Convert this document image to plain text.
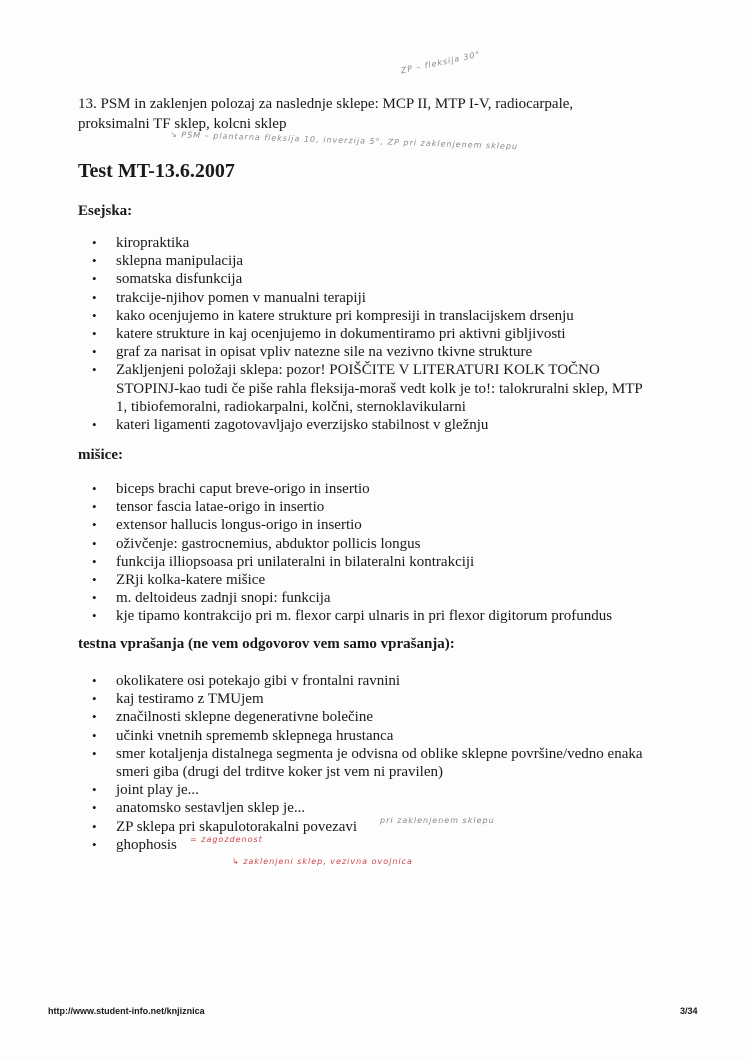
ZP – fleksija 30°
13. PSM in zaklenjen polozaj za naslednje sklepe: MCP II, MTP I-V, radiocarpale, proksimalni TF sklep, kolcni sklep
↘ PSM – plantarna fleksija 10, inverzija 5°, ZP pri zaklenjenem sklepu
Test MT-13.6.2007
Esejska:
• kiropraktika
• sklepna manipulacija
• somatska disfunkcija
• trakcije-njihov pomen v manualni terapiji
• kako ocenjujemo in katere strukture pri kompresiji in translacijskem drsenju
• katere strukture in kaj ocenjujemo in dokumentiramo pri aktivni gibljivosti
• graf za narisat in opisat vpliv natezne sile na vezivno tkivne strukture
• Zakljenjeni položaji sklepa: pozor! POIŠČITE V LITERATURI KOLK TOČNO STOPINJ-kao tudi če piše rahla fleksija-moraš vedt kolk je to!: talokruralni sklep, MTP 1, tibiofemoralni, radiokarpalni, kolčni, sternoklavikularni
• kateri ligamenti zagotovavljajo everzijsko stabilnost v gležnju
mišice:
• biceps brachi caput breve-origo in insertio
• tensor fascia latae-origo in insertio
• extensor hallucis longus-origo in insertio
• oživčenje: gastrocnemius, abduktor pollicis longus
• funkcija illiopsoasa pri unilateralni in bilateralni kontrakciji
• ZRji kolka-katere mišice
• m. deltoideus zadnji snopi: funkcija
• kje tipamo kontrakcijo pri m. flexor carpi ulnaris in pri flexor digitorum profundus
testna vprašanja (ne vem odgovorov vem samo vprašanja):
• okolikatere osi potekajo gibi v frontalni ravnini
• kaj testiramo z TMUjem
• značilnosti sklepne degenerativne bolečine
• učinki vnetnih sprememb sklepnega hrustanca
• smer kotaljenja distalnega segmenta je odvisna od oblike sklepne površine/vedno enaka smeri giba (drugi del trditve koker jst vem ni pravilen)
• joint play je...
• anatomsko sestavljen sklep je...
• ZP sklepa pri skapulotorakalni povezavi
• ghophosis
pri zaklenjenem sklepu
= zagozdenost
↳ zaklenjeni sklep, vezivna ovojnica
http://www.student-info.net/knjiznica	3/34
